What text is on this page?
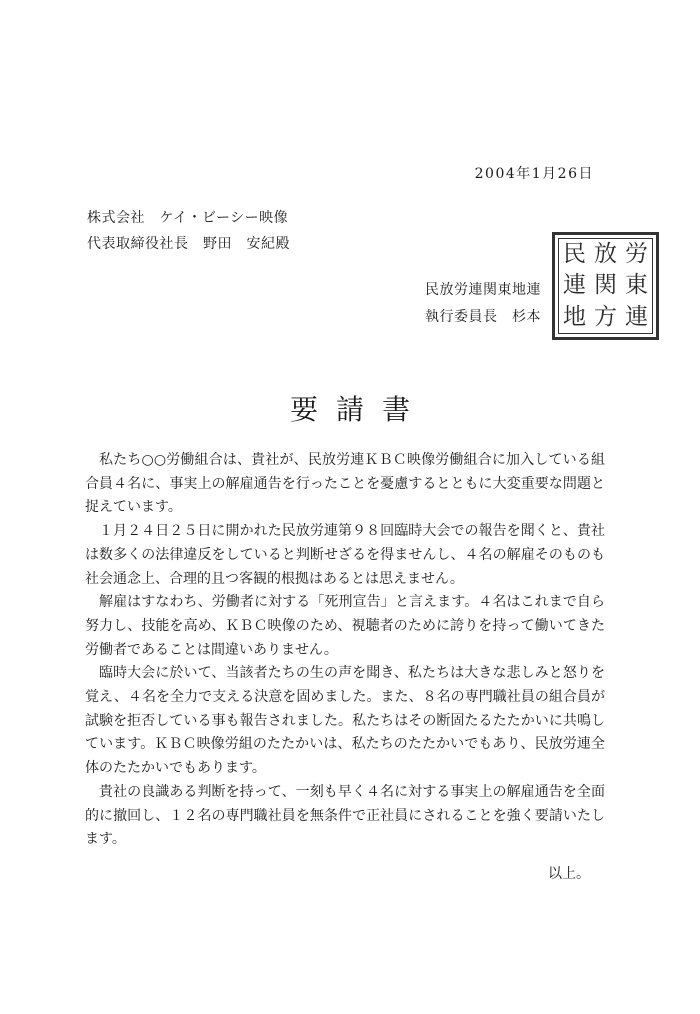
2004年1月26日
株式会社　ケイ・ビーシー映像
代表取締役社長　野田　安紀殿
民放労連関東地連
執行委員長　杉本
民 放 労
連 関 東
地 方 連
要請書

私たち○○労働組合は、貴社が、民放労連ＫＢＣ映像労働組合に加入している組合員４名に、事実上の解雇通告を行ったことを憂慮するとともに大変重要な問題と捉えています。

１月２４日２５日に開かれた民放労連第９８回臨時大会での報告を聞くと、貴社は数多くの法律違反をしていると判断せざるを得ませんし、４名の解雇そのものも社会通念上、合理的且つ客観的根拠はあるとは思えません。

解雇はすなわち、労働者に対する「死刑宣告」と言えます。４名はこれまで自ら努力し、技能を高め、ＫＢＣ映像のため、視聴者のために誇りを持って働いてきた労働者であることは間違いありません。

臨時大会に於いて、当該者たちの生の声を聞き、私たちは大きな悲しみと怒りを覚え、４名を全力で支える決意を固めました。また、８名の専門職社員の組合員が試験を拒否している事も報告されました。私たちはその断固たるたたかいに共鳴しています。ＫＢＣ映像労組のたたかいは、私たちのたたかいでもあり、民放労連全体のたたかいでもあります。

貴社の良識ある判断を持って、一刻も早く４名に対する事実上の解雇通告を全面的に撤回し、１２名の専門職社員を無条件で正社員にされることを強く要請いたします。

以上。
